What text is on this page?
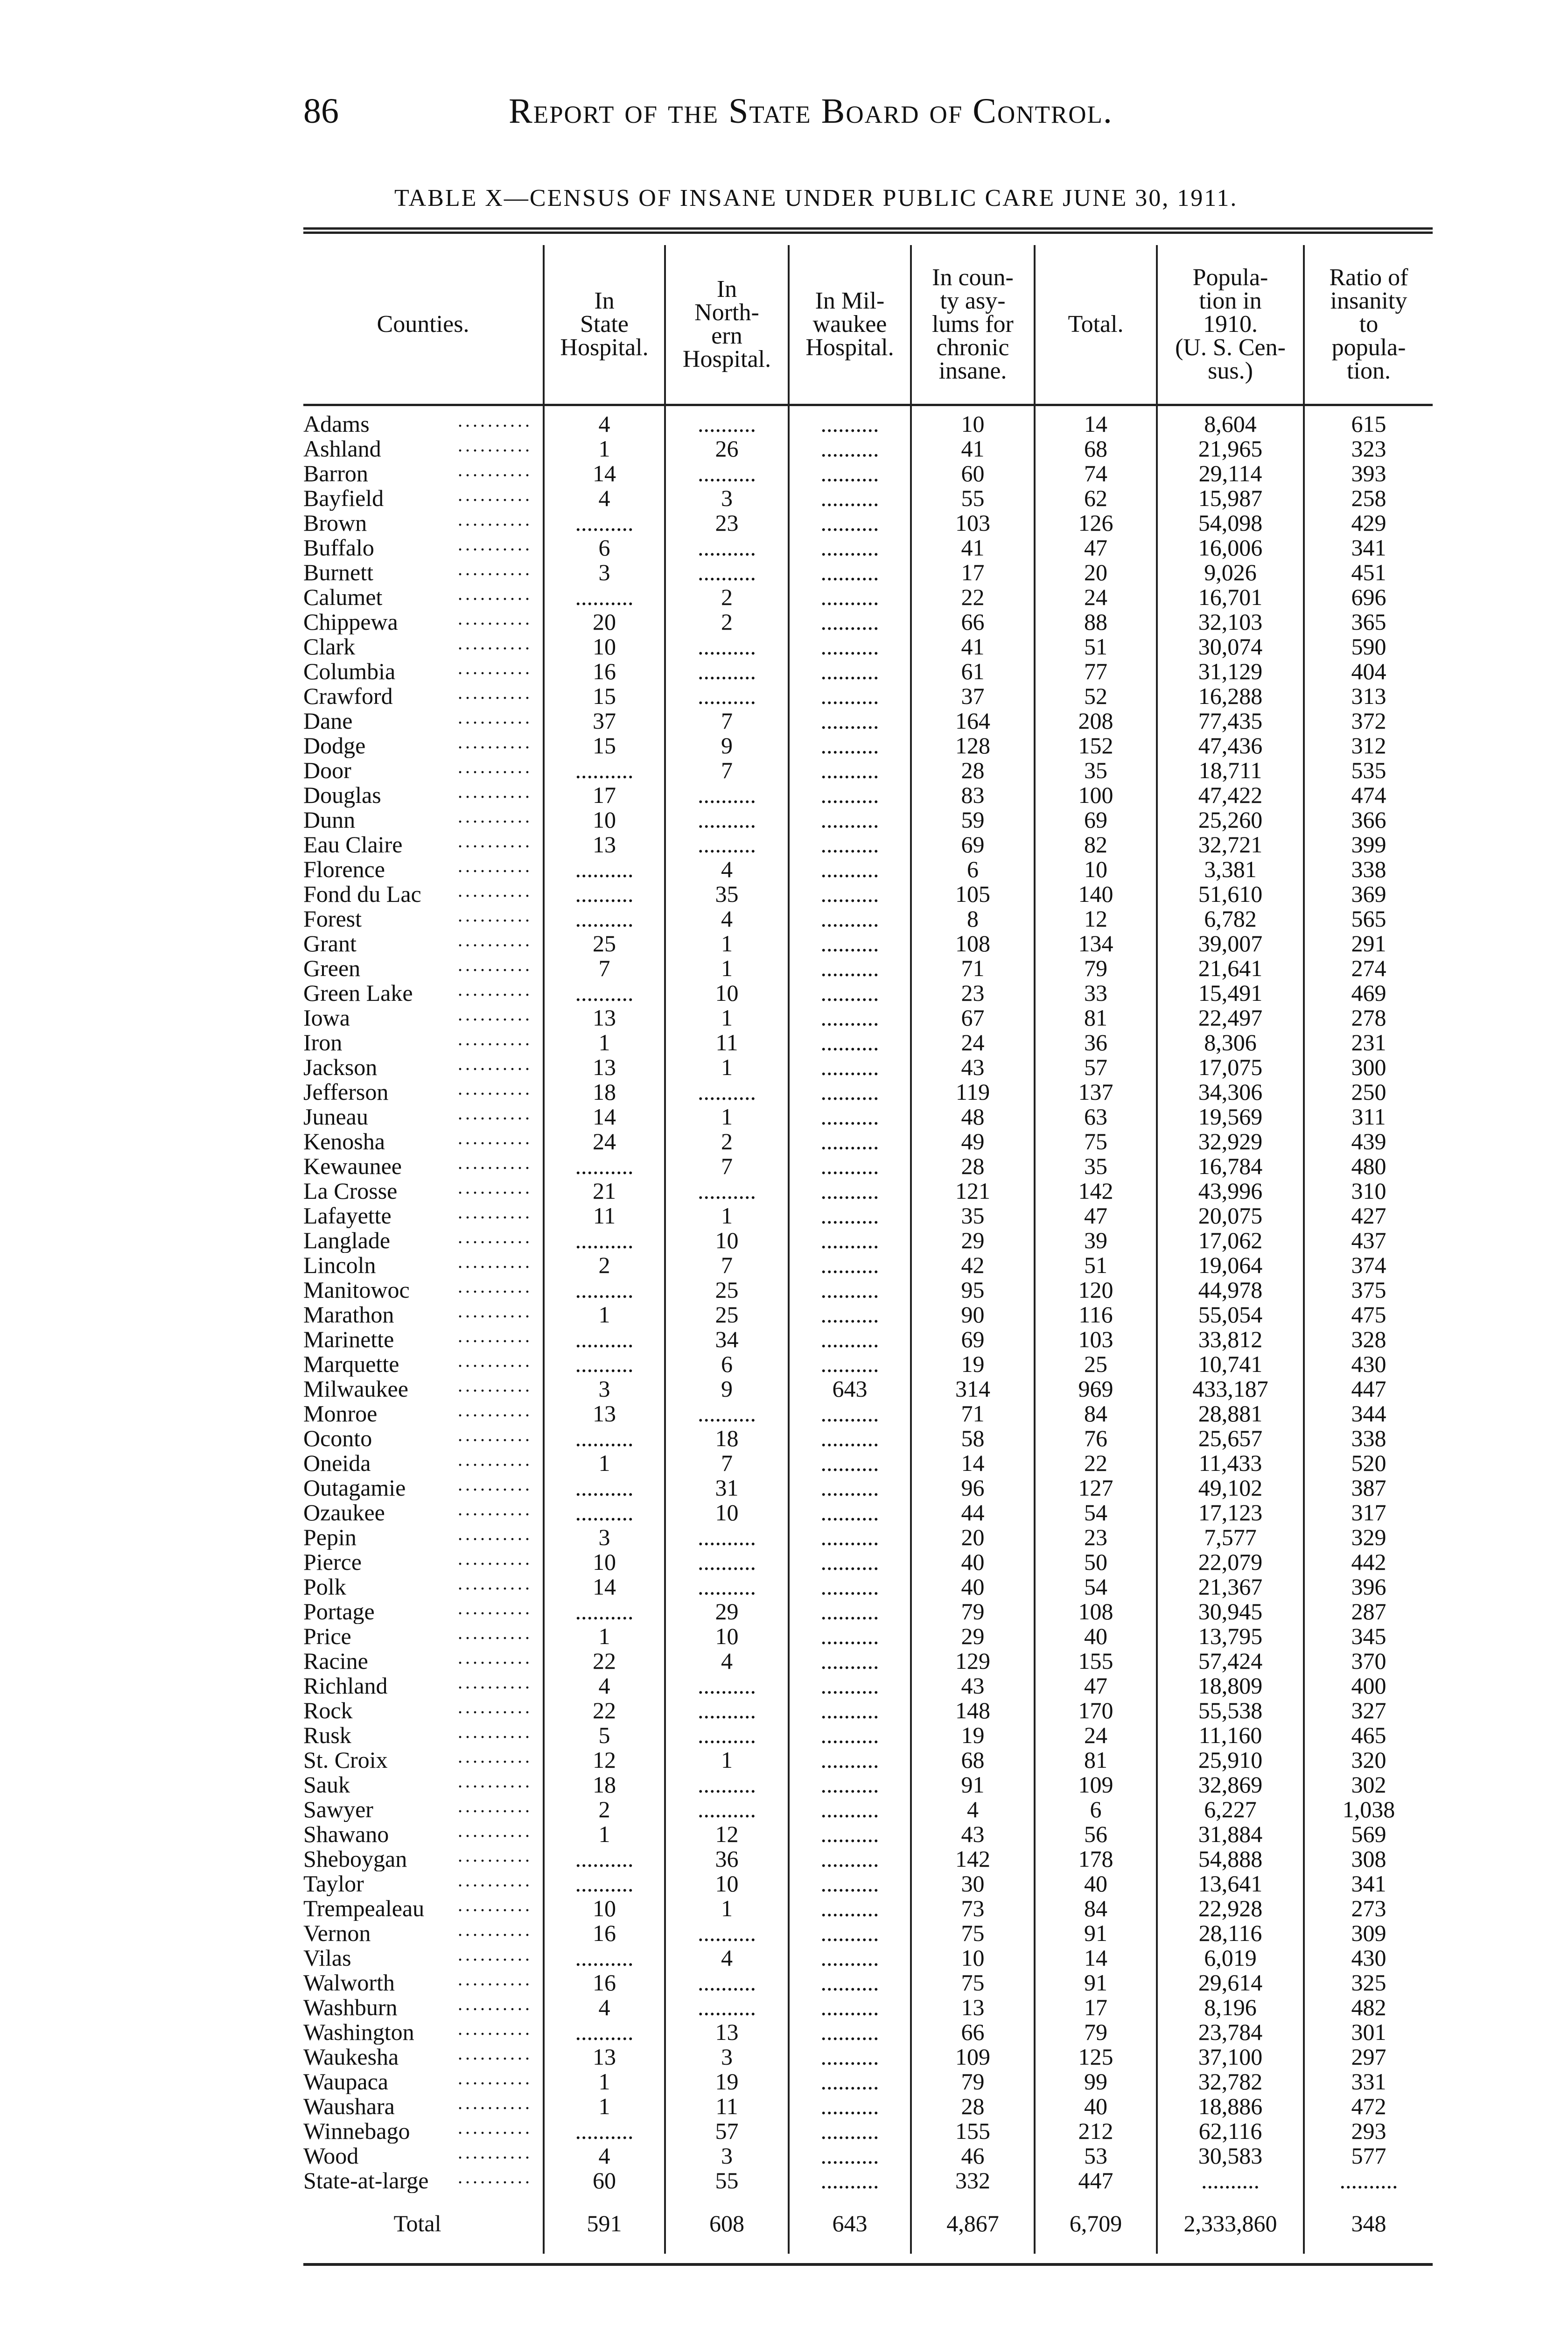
86	Report of the State Board of Control.
TABLE X—CENSUS OF INSANE UNDER PUBLIC CARE JUNE 30, 1911.
Counties.	In
State
Hospital.	In
North-
ern
Hospital.	In Mil-
waukee
Hospital.	In coun-
ty asy-
lums for
chronic
insane.	Total.	Popula-
tion in
1910.
(U. S. Cen-
sus.)	Ratio of
insanity
to
popula-
tion.

Adams ..........	4	..........	..........	10	14	8,604	615
Ashland ..........	1	26	..........	41	68	21,965	323
Barron ..........	14	..........	..........	60	74	29,114	393
Bayfield ..........	4	3	..........	55	62	15,987	258
Brown ..........	..........	23	..........	103	126	54,098	429
Buffalo ..........	6	..........	..........	41	47	16,006	341
Burnett ..........	3	..........	..........	17	20	9,026	451
Calumet ..........	..........	2	..........	22	24	16,701	696
Chippewa ..........	20	2	..........	66	88	32,103	365
Clark ..........	10	..........	..........	41	51	30,074	590
Columbia ..........	16	..........	..........	61	77	31,129	404
Crawford ..........	15	..........	..........	37	52	16,288	313
Dane ..........	37	7	..........	164	208	77,435	372
Dodge ..........	15	9	..........	128	152	47,436	312
Door ..........	..........	7	..........	28	35	18,711	535
Douglas ..........	17	..........	..........	83	100	47,422	474
Dunn ..........	10	..........	..........	59	69	25,260	366
Eau Claire ..........	13	..........	..........	69	82	32,721	399
Florence ..........	..........	4	..........	6	10	3,381	338
Fond du Lac ..........	..........	35	..........	105	140	51,610	369
Forest ..........	..........	4	..........	8	12	6,782	565
Grant ..........	25	1	..........	108	134	39,007	291
Green ..........	7	1	..........	71	79	21,641	274
Green Lake ..........	..........	10	..........	23	33	15,491	469
Iowa ..........	13	1	..........	67	81	22,497	278
Iron ..........	1	11	..........	24	36	8,306	231
Jackson ..........	13	1	..........	43	57	17,075	300
Jefferson ..........	18	..........	..........	119	137	34,306	250
Juneau ..........	14	1	..........	48	63	19,569	311
Kenosha ..........	24	2	..........	49	75	32,929	439
Kewaunee ..........	..........	7	..........	28	35	16,784	480
La Crosse ..........	21	..........	..........	121	142	43,996	310
Lafayette ..........	11	1	..........	35	47	20,075	427
Langlade ..........	..........	10	..........	29	39	17,062	437
Lincoln ..........	2	7	..........	42	51	19,064	374
Manitowoc ..........	..........	25	..........	95	120	44,978	375
Marathon ..........	1	25	..........	90	116	55,054	475
Marinette ..........	..........	34	..........	69	103	33,812	328
Marquette ..........	..........	6	..........	19	25	10,741	430
Milwaukee ..........	3	9	643	314	969	433,187	447
Monroe ..........	13	..........	..........	71	84	28,881	344
Oconto ..........	..........	18	..........	58	76	25,657	338
Oneida ..........	1	7	..........	14	22	11,433	520
Outagamie ..........	..........	31	..........	96	127	49,102	387
Ozaukee ..........	..........	10	..........	44	54	17,123	317
Pepin ..........	3	..........	..........	20	23	7,577	329
Pierce ..........	10	..........	..........	40	50	22,079	442
Polk ..........	14	..........	..........	40	54	21,367	396
Portage ..........	..........	29	..........	79	108	30,945	287
Price ..........	1	10	..........	29	40	13,795	345
Racine ..........	22	4	..........	129	155	57,424	370
Richland ..........	4	..........	..........	43	47	18,809	400
Rock ..........	22	..........	..........	148	170	55,538	327
Rusk ..........	5	..........	..........	19	24	11,160	465
St. Croix ..........	12	1	..........	68	81	25,910	320
Sauk ..........	18	..........	..........	91	109	32,869	302
Sawyer ..........	2	..........	..........	4	6	6,227	1,038
Shawano ..........	1	12	..........	43	56	31,884	569
Sheboygan ..........	..........	36	..........	142	178	54,888	308
Taylor ..........	..........	10	..........	30	40	13,641	341
Trempealeau ..........	10	1	..........	73	84	22,928	273
Vernon ..........	16	..........	..........	75	91	28,116	309
Vilas ..........	..........	4	..........	10	14	6,019	430
Walworth ..........	16	..........	..........	75	91	29,614	325
Washburn ..........	4	..........	..........	13	17	8,196	482
Washington ..........	..........	13	..........	66	79	23,784	301
Waukesha ..........	13	3	..........	109	125	37,100	297
Waupaca ..........	1	19	..........	79	99	32,782	331
Waushara ..........	1	11	..........	28	40	18,886	472
Winnebago ..........	..........	57	..........	155	212	62,116	293
Wood ..........	4	3	..........	46	53	30,583	577
State-at-large ..........	60	55	..........	332	447	..........	..........
Total	591	608	643	4,867	6,709	2,333,860	348
